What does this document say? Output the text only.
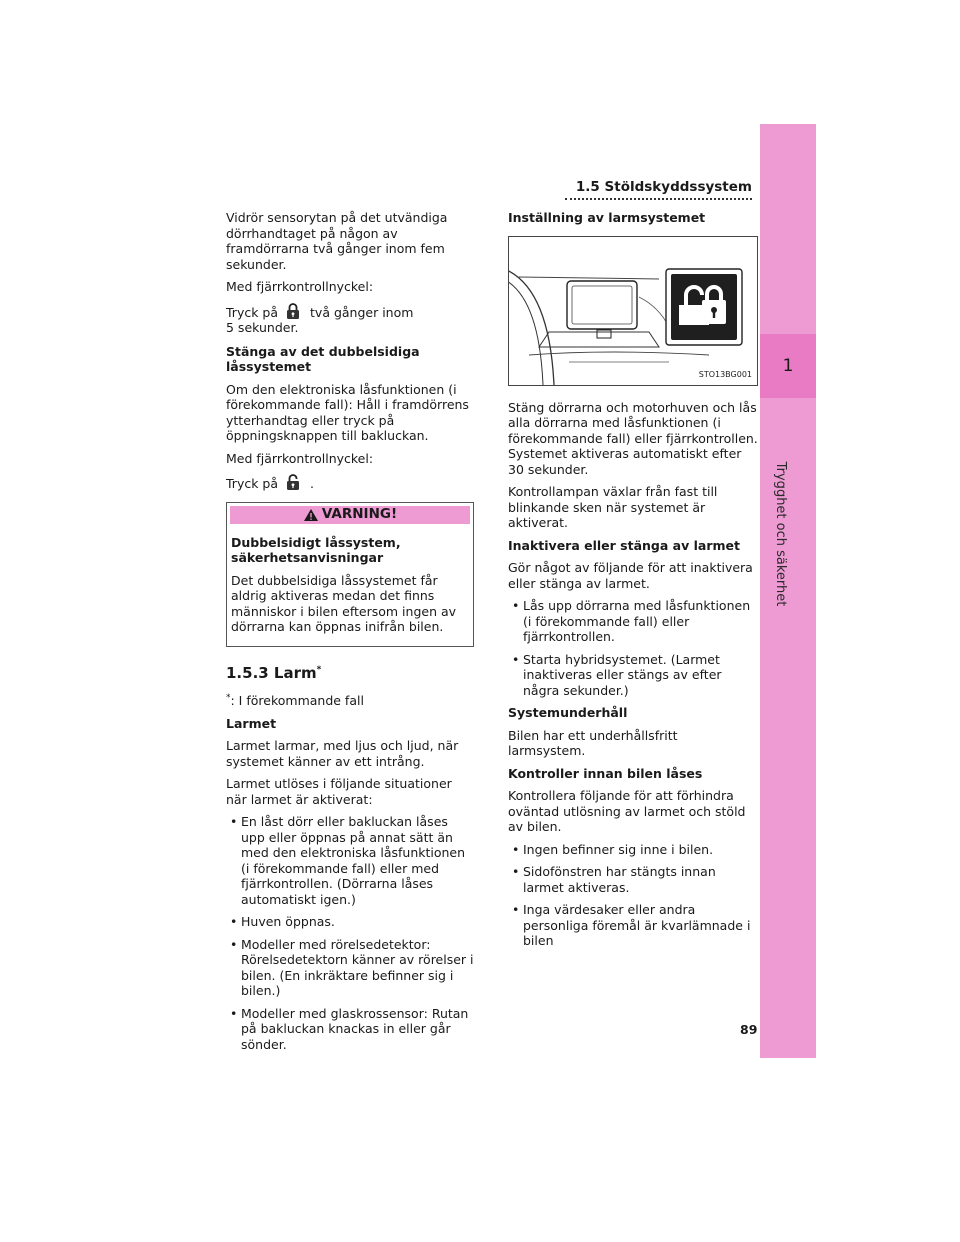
1
Trygghet och säkerhet
1.5 Stöldskyddssystem

Vidrör sensorytan på det utvändiga dörrhandtaget på någon av framdörrarna två gånger inom fem sekunder.

Med fjärrkontrollnyckel:

Tryck på	två gånger inom
5 sekunder.

Stänga av det dubbelsidiga låssystemet

Om den elektroniska låsfunktionen (i förekommande fall): Håll i framdörrens ytterhandtag eller tryck på öppningsknappen till bakluckan.

Med fjärrkontrollnyckel:

Tryck på	.

VARNING!

Dubbelsidigt låssystem, säkerhetsanvisningar

Det dubbelsidiga låssystemet får aldrig aktiveras medan det finns människor i bilen eftersom ingen av dörrarna kan öppnas inifrån bilen.

1.5.3 Larm*

*: I förekommande fall

Larmet

Larmet larmar, med ljus och ljud, när systemet känner av ett intrång.

Larmet utlöses i följande situationer när larmet är aktiverat:

• En låst dörr eller bakluckan låses upp eller öppnas på annat sätt än med den elektroniska låsfunktionen (i förekommande fall) eller med fjärrkontrollen. (Dörrarna låses automatiskt igen.)
• Huven öppnas.
• Modeller med rörelsedetektor: Rörelsedetektorn känner av rörelser i bilen. (En inkräktare befinner sig i bilen.)
• Modeller med glaskrossensor: Rutan på bakluckan knackas in eller går sönder.

Inställning av larmsystemet

STO13BG001

Stäng dörrarna och motorhuven och lås alla dörrarna med låsfunktionen (i förekommande fall) eller fjärrkontrollen. Systemet aktiveras automatiskt efter 30 sekunder.

Kontrollampan växlar från fast till blinkande sken när systemet är aktiverat.

Inaktivera eller stänga av larmet

Gör något av följande för att inaktivera eller stänga av larmet.

• Lås upp dörrarna med låsfunktionen (i förekommande fall) eller fjärrkontrollen.
• Starta hybridsystemet. (Larmet inaktiveras eller stängs av efter några sekunder.)

Systemunderhåll

Bilen har ett underhållsfritt larmsystem.

Kontroller innan bilen låses

Kontrollera följande för att förhindra oväntad utlösning av larmet och stöld av bilen.

• Ingen befinner sig inne i bilen.
• Sidofönstren har stängts innan larmet aktiveras.
• Inga värdesaker eller andra personliga föremål är kvarlämnade i bilen
89
